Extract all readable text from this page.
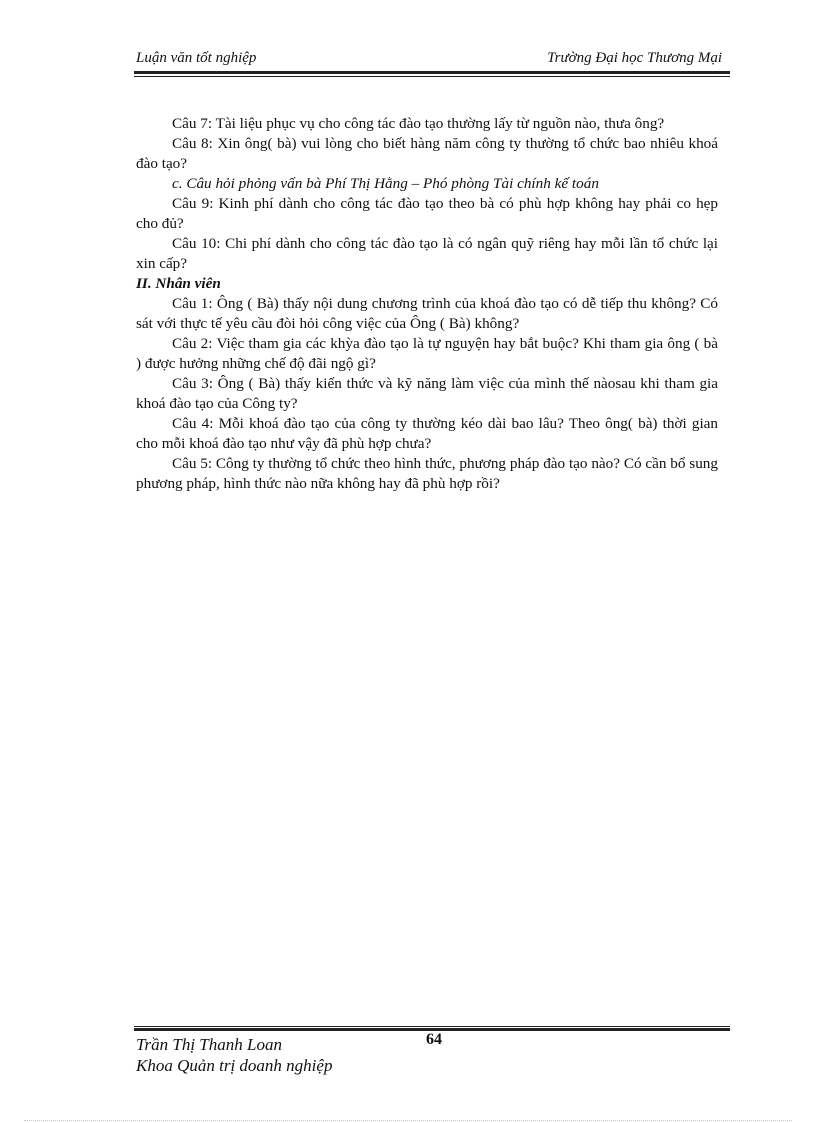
Luận văn tốt nghiệp	Trường Đại học Thương Mại

Câu 7: Tài liệu phục vụ cho công tác đào tạo thường lấy từ nguồn nào, thưa ông?

Câu 8: Xin ông( bà) vui lòng cho biết hàng năm công ty thường tổ chức bao nhiêu khoá đào tạo?

c. Câu hỏi phỏng vấn bà Phí Thị Hằng – Phó phòng Tài chính kế toán

Câu 9: Kinh phí dành cho công tác đào tạo theo bà có phù hợp không hay phải co hẹp cho đủ?

Câu 10: Chi phí dành cho công tác đào tạo là có ngân quỹ riêng hay mỗi lần tổ chức lại xin cấp?

II. Nhân viên

Câu 1: Ông ( Bà) thấy nội dung chương trình của khoá đào tạo có dễ tiếp thu không? Có sát với thực tế yêu cầu đòi hỏi công việc của Ông ( Bà) không?

Câu 2: Việc tham gia các khỳa đào tạo là tự nguyện hay bắt buộc? Khi tham gia ông ( bà ) được hưởng những chế độ đãi ngộ gì?

Câu 3: Ông ( Bà) thấy kiến thức và kỹ năng làm việc của mình thế nàosau khi tham gia khoá đào tạo của Công ty?

Câu 4: Mỗi khoá đào tạo của công ty thường kéo dài bao lâu? Theo ông( bà) thời gian cho mỗi khoá đào tạo như vậy đã phù hợp chưa?

Câu 5: Công ty thường tổ chức theo hình thức, phương pháp đào tạo nào? Có cần bổ sung phương pháp, hình thức nào nữa không hay đã phù hợp rồi?

Trần Thị Thanh Loan
Khoa Quản trị doanh nghiệp
64
